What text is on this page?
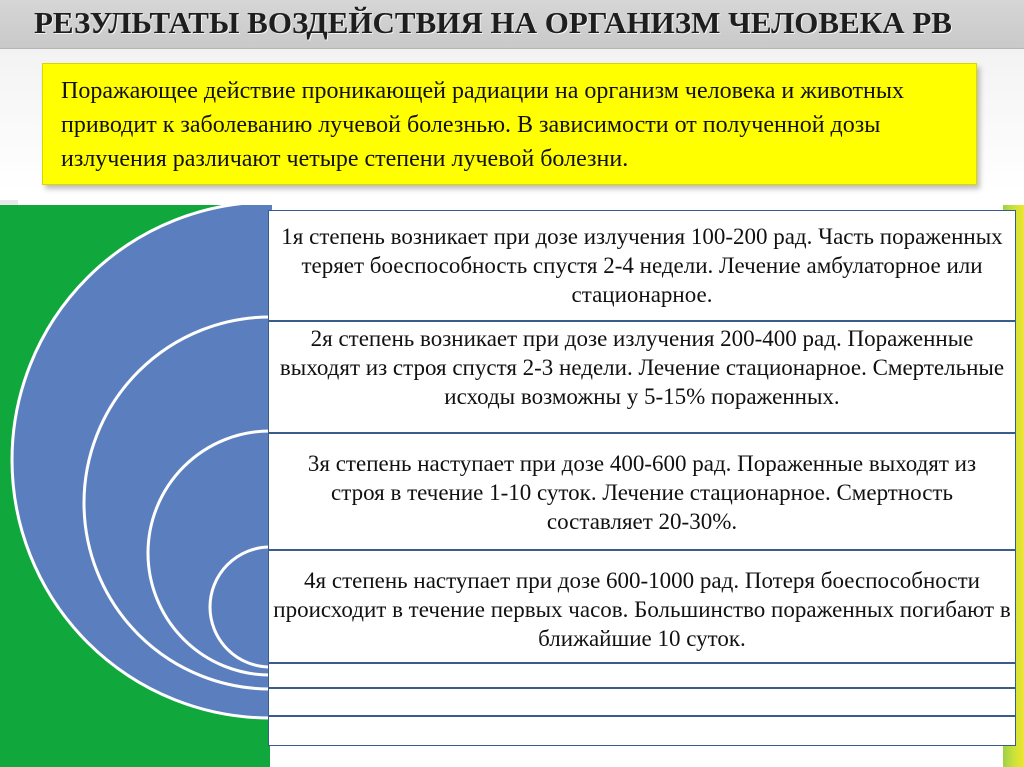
РЕЗУЛЬТАТЫ ВОЗДЕЙСТВИЯ НА ОРГАНИЗМ ЧЕЛОВЕКА РВ
Поражающее действие проникающей радиации на организм человека и животных приводит к заболеванию лучевой болезнью. В зависимости от полученной дозы излучения различают четыре степени лучевой болезни.
1я степень возникает при дозе излучения 100-200 рад. Часть пораженных теряет боеспособность спустя 2-4 недели. Лечение амбулаторное или стационарное.
2я степень возникает при дозе излучения 200-400 рад. Пораженные выходят из строя спустя 2-3 недели. Лечение стационарное. Смертельные исходы возможны у 5-15% пораженных.
3я степень наступает при дозе 400-600 рад. Пораженные выходят из строя в течение 1-10 суток. Лечение стационарное. Смертность составляет 20-30%.
4я степень наступает при дозе 600-1000 рад. Потеря боеспособности происходит в течение первых часов. Большинство пораженных погибают в ближайшие 10 суток.
